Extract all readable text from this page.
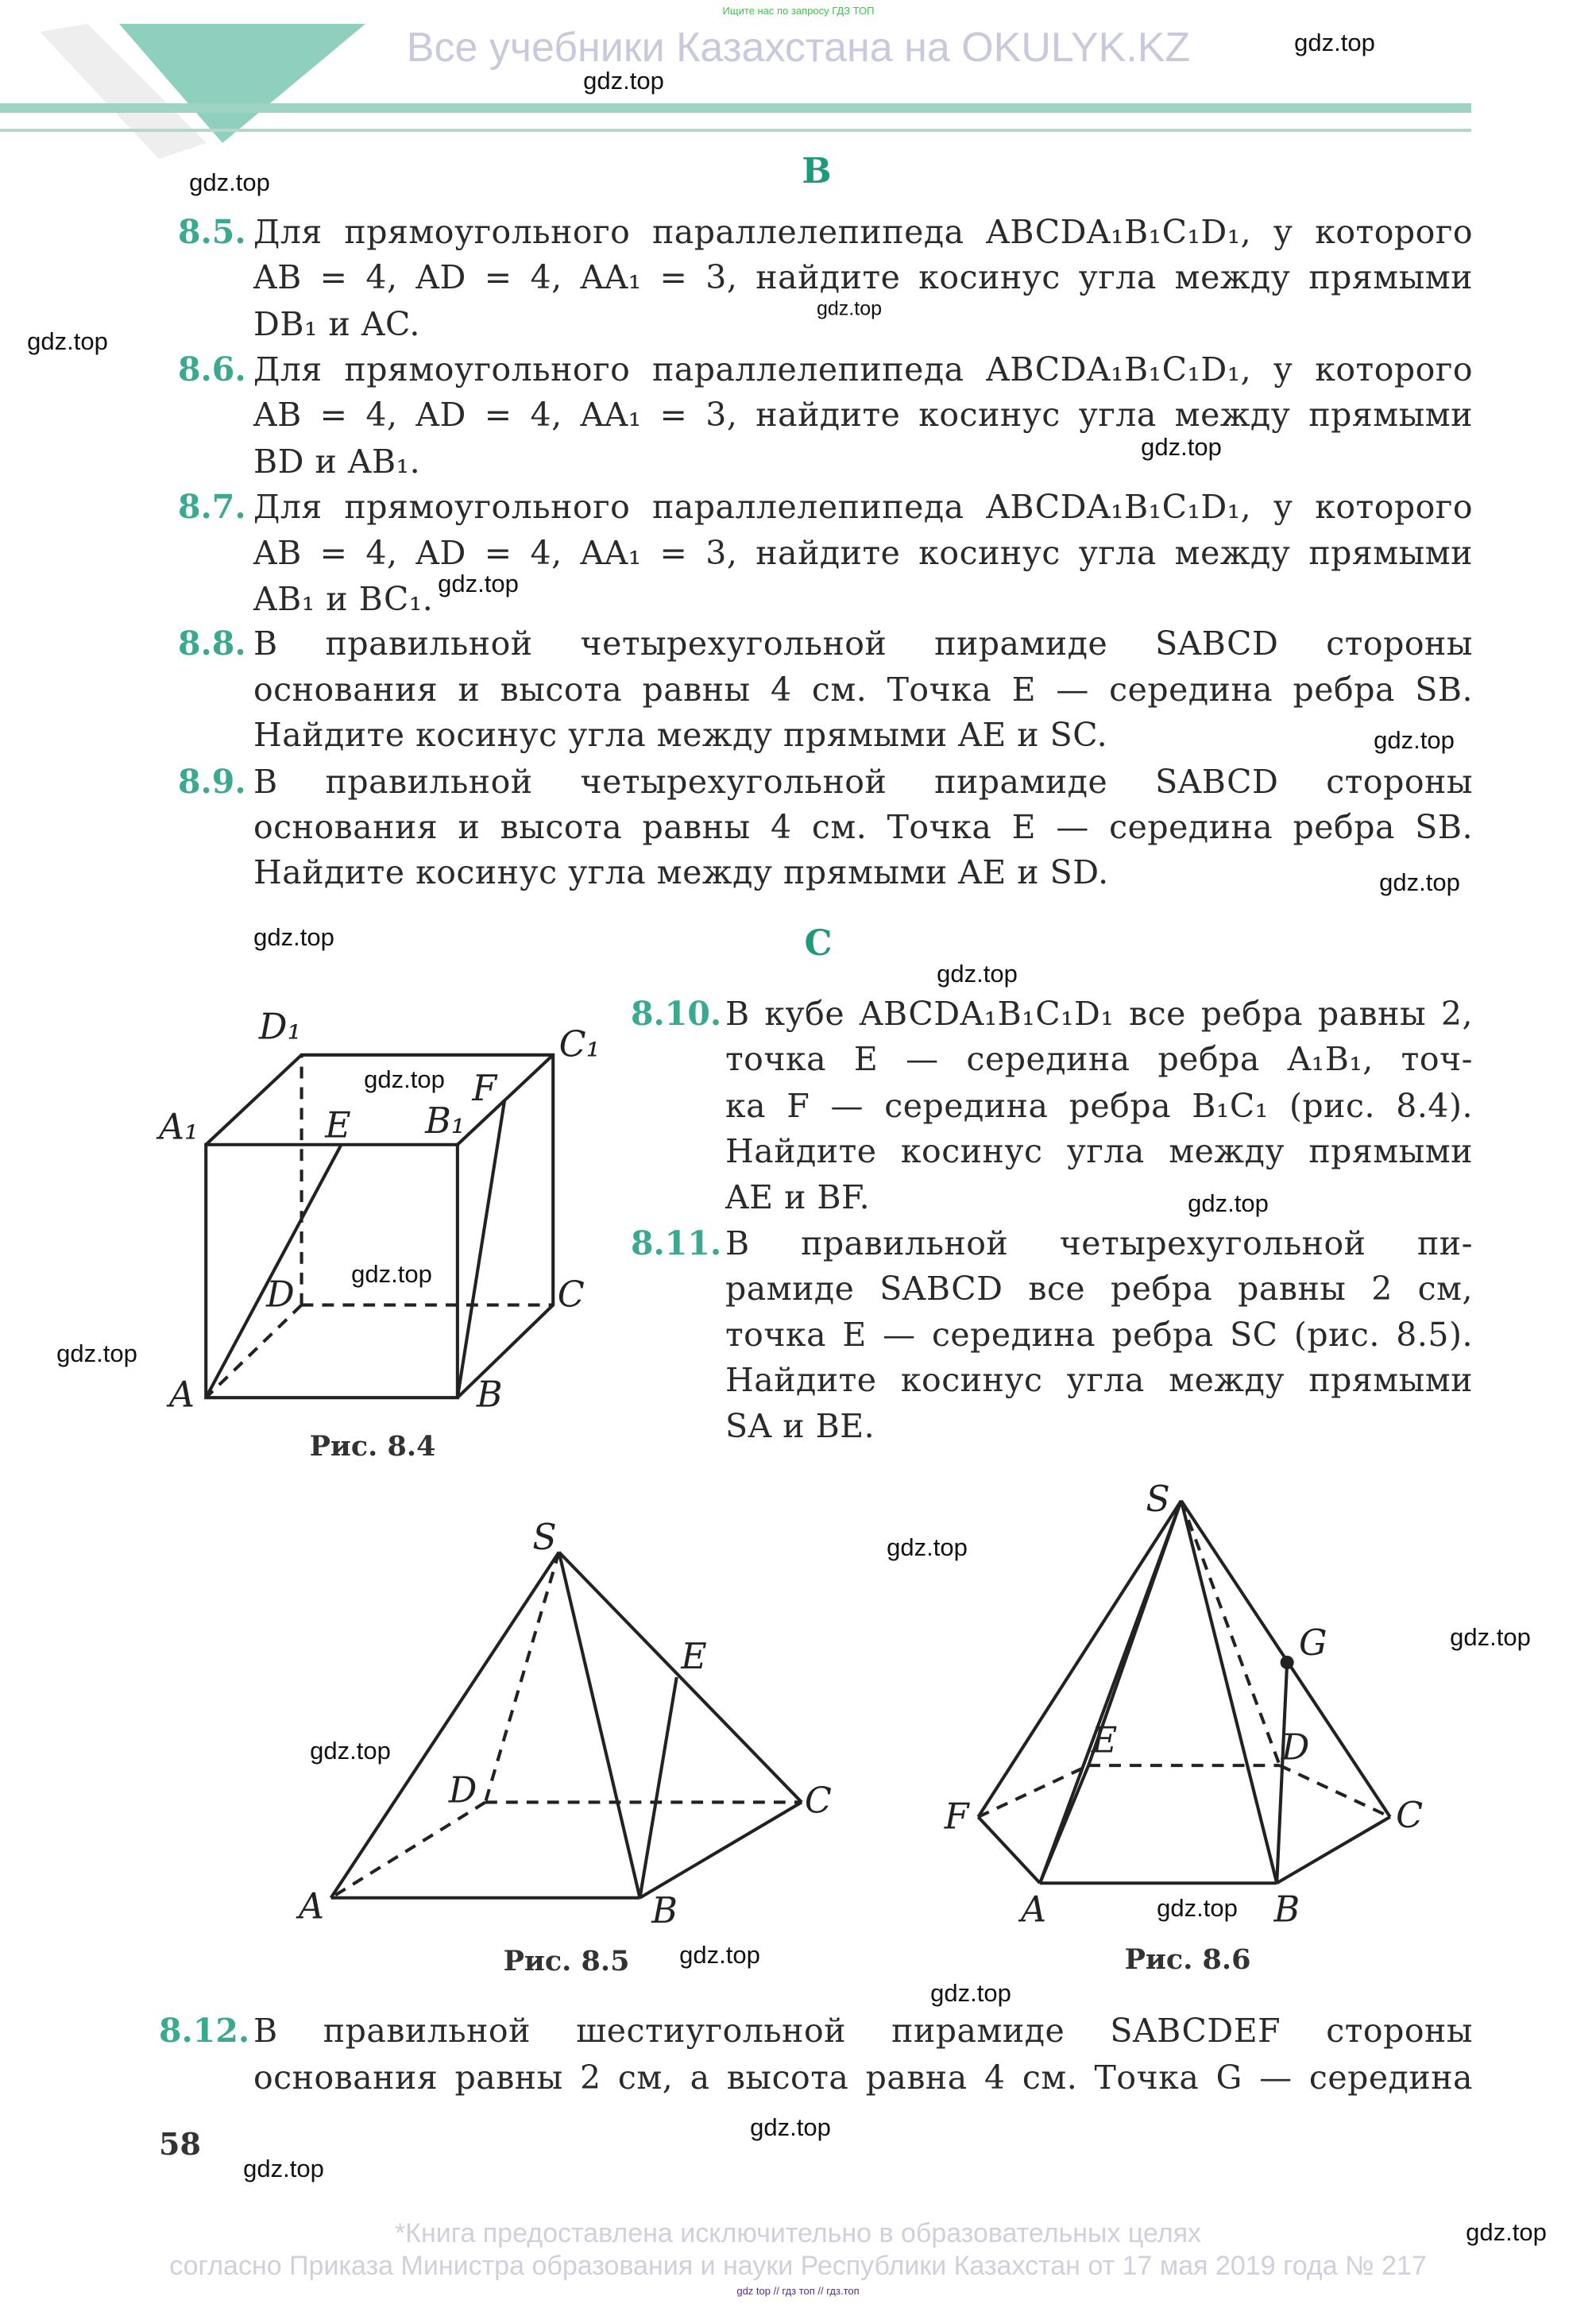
Ищите нас по запросу ГДЗ ТОП
Все учебники Казахстана на OKULYK.KZ
B
C
8.5. Для прямоугольного параллелепипеда ABCDA₁B₁C₁D₁, у которого
AB = 4, AD = 4, AA₁ = 3, найдите косинус угла между прямыми
DB₁ и AC.
8.6. Для прямоугольного параллелепипеда ABCDA₁B₁C₁D₁, у которого
AB = 4, AD = 4, AA₁ = 3, найдите косинус угла между прямыми
BD и AB₁.
8.7. Для прямоугольного параллелепипеда ABCDA₁B₁C₁D₁, у которого
AB = 4, AD = 4, AA₁ = 3, найдите косинус угла между прямыми
AB₁ и BC₁.
8.8. В правильной четырехугольной пирамиде SABCD стороны
основания и высота равны 4 см. Точка E — середина ребра SB.
Найдите косинус угла между прямыми AE и SC.
8.9. В правильной четырехугольной пирамиде SABCD стороны
основания и высота равны 4 см. Точка E — середина ребра SB.
Найдите косинус угла между прямыми AE и SD.
8.10. В кубе ABCDA₁B₁C₁D₁ все ребра равны 2,
точка E — середина ребра A₁B₁, точ-
ка F — середина ребра B₁C₁ (рис. 8.4).
Найдите косинус угла между прямыми
AE и BF.
8.11. В правильной четырехугольной пи-
рамиде SABCD все ребра равны 2 см,
точка E — середина ребра SC (рис. 8.5).
Найдите косинус угла между прямыми
SA и BE.
8.12. В правильной шестиугольной пирамиде SABCDEF стороны
основания равны 2 см, а высота равна 4 см. Точка G — середина
D₁	C₁
A₁	E	B₁
F
D	C
A	B
S
E
D	C
A	B
S
G
E	D
F	C
A	B
Рис. 8.4
Рис. 8.5	Рис. 8.6
58
gdz.top
gdz.top
gdz.top
gdz.top
gdz.top
gdz.top
gdz.top
gdz.top
gdz.top
gdz.top
gdz.top
gdz.top
gdz.top
gdz.top
gdz.top
gdz.top
gdz.top
gdz.top
gdz.top
gdz.top
gdz.top
gdz.top
gdz.top
gdz.top
*Книга предоставлена исключительно в образовательных целях
согласно Приказа Министра образования и науки Республики Казахстан от 17 мая 2019 года № 217
gdz top // гдз топ // гдз.топ
